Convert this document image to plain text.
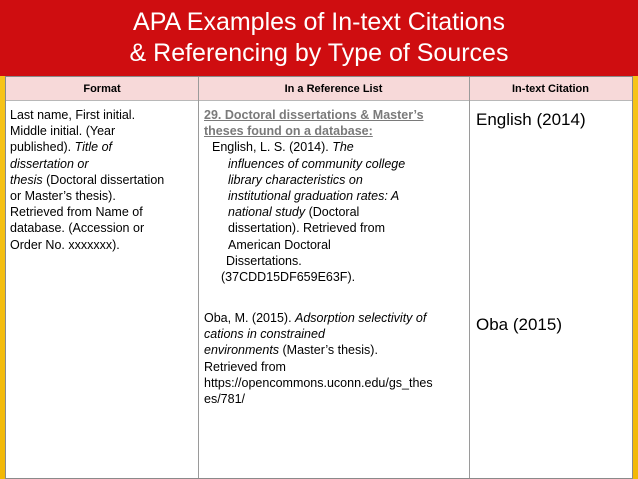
APA Examples of In-text Citations
& Referencing by Type of Sources
Format	In a Reference List	In-text Citation
Last name, First initial.
Middle initial. (Year
published). Title of
dissertation or
thesis (Doctoral dissertation
or Master’s thesis).
Retrieved from Name of
database. (Accession or
Order No. xxxxxxx).
29. Doctoral dissertations & Master’s
theses found on a database:
English, L. S. (2014). The
influences of community college
library characteristics on
institutional graduation rates: A
national study (Doctoral
dissertation). Retrieved from
American Doctoral
Dissertations.
(37CDD15DF659E63F).
Oba, M. (2015). Adsorption selectivity of
cations in constrained
environments (Master’s thesis).
Retrieved from
https://opencommons.uconn.edu/gs_thes
es/781/
English (2014)
Oba (2015)
